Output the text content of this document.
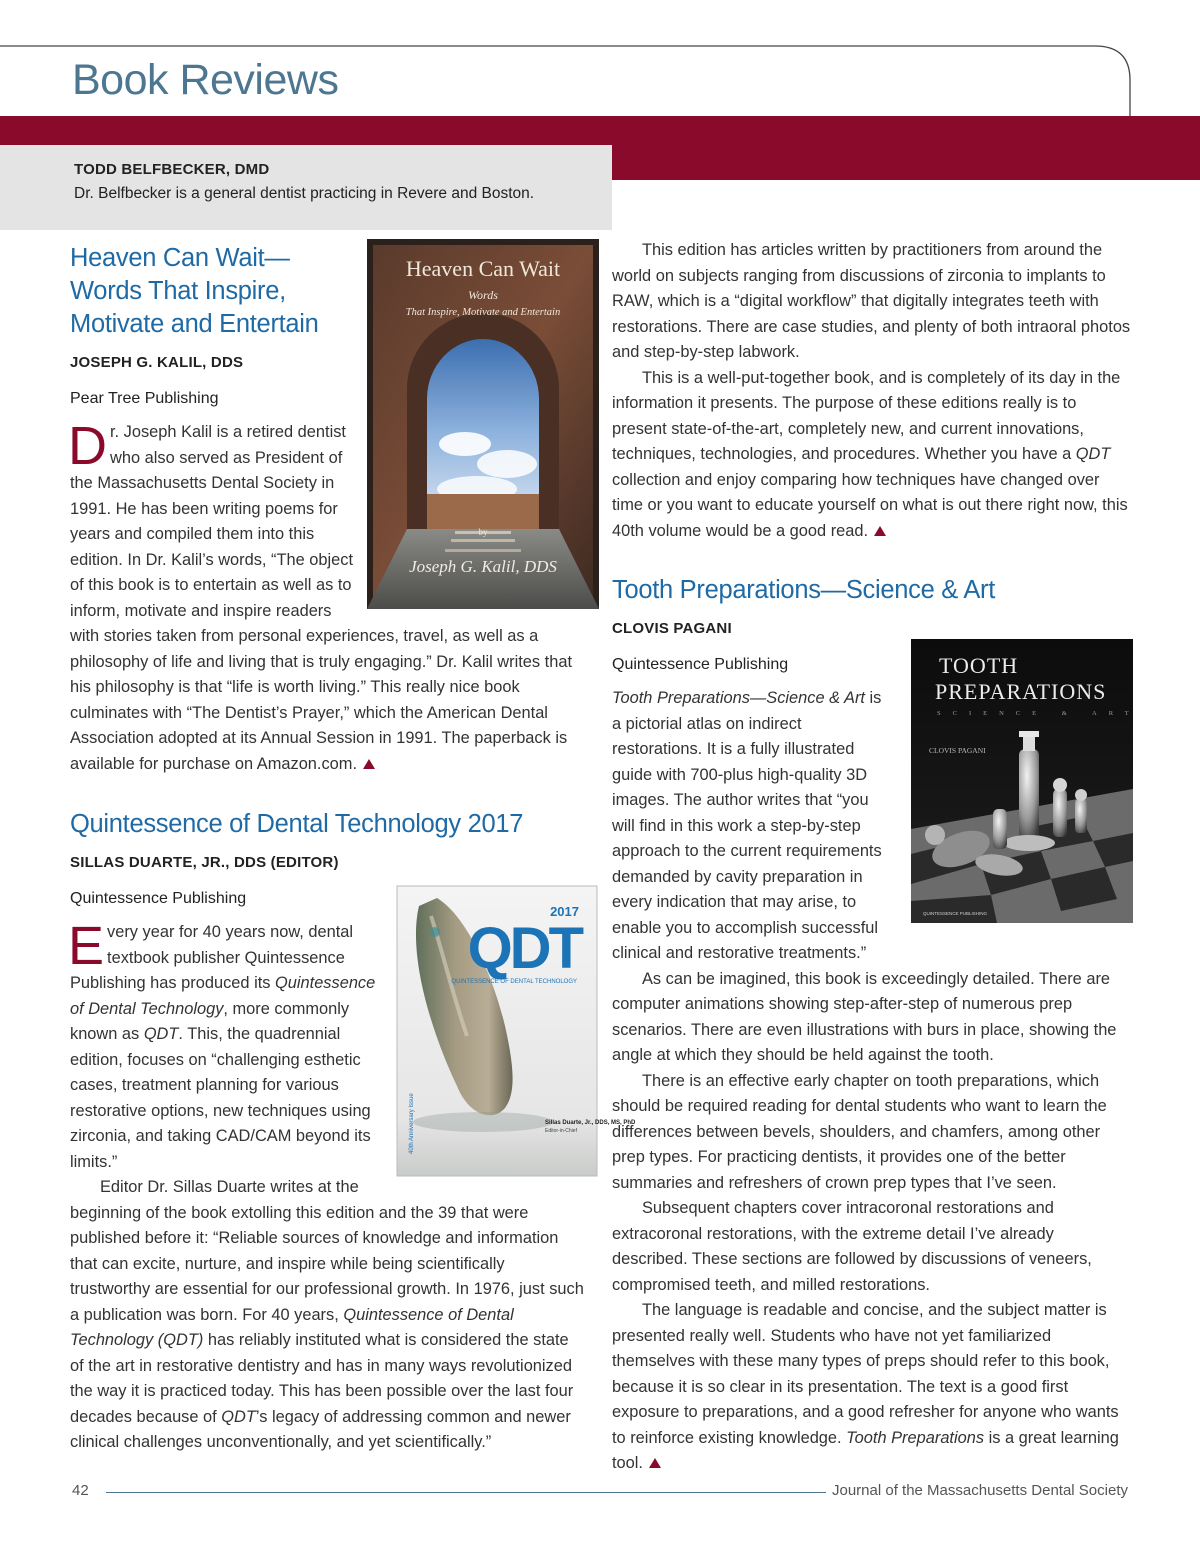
Book Reviews
TODD BELFBECKER, DMD
Dr. Belfbecker is a general dentist practicing in Revere and Boston.
Heaven Can Wait
Words
That Inspire, Motivate and Entertain
by
Joseph G. Kalil, DDS
Heaven Can Wait—
Words That Inspire,
Motivate and Entertain
JOSEPH G. KALIL, DDS
Pear Tree Publishing

Dr. Joseph Kalil is a retired dentist who also served as President of the Massachusetts Dental Society in 1991. He has been writing poems for years and compiled them into this edition. In Dr. Kalil’s words, “The object of this book is to entertain as well as to inform, motivate and inspire readers with stories taken from personal experiences, travel, as well as a philosophy of life and living that is truly engaging.” Dr. Kalil writes that his philosophy is that “life is worth living.” This really nice book culminates with “The Dentist’s Prayer,” which the American Dental Association adopted at its Annual Session in 1991. The paperback is available for purchase on Amazon.com.

Quintessence of Dental Technology 2017
SILLAS DUARTE, JR., DDS (EDITOR)
Quintessence Publishing
2017
QDT
QUINTESSENCE OF DENTAL TECHNOLOGY
40th Anniversary Issue	Sillas Duarte, Jr., DDS, MS, PhD
Editor-in-Chief

Every year for 40 years now, dental textbook publisher Quintessence Publishing has produced its Quintessence of Dental Technology, more commonly known as QDT. This, the quadrennial edition, focuses on “challenging esthetic cases, treatment planning for various restorative options, new techniques using zirconia, and taking CAD/CAM beyond its limits.”

Editor Dr. Sillas Duarte writes at the beginning of the book extolling this edition and the 39 that were published before it: “Reliable sources of knowledge and information that can excite, nurture, and inspire while being scientifically trustworthy are essential for our professional growth. In 1976, just such a publication was born. For 40 years, Quintessence of Dental Technology (QDT) has reliably instituted what is considered the state of the art in restorative dentistry and has in many ways revolutionized the way it is practiced today. This has been possible over the last four decades because of QDT’s legacy of addressing common and newer clinical challenges unconventionally, and yet scientifically.”

This edition has articles written by practitioners from around the world on subjects ranging from discussions of zirconia to implants to RAW, which is a “digital workflow” that digitally integrates teeth with restorations. There are case studies, and plenty of both intraoral photos and step-by-step labwork.

This is a well-put-together book, and is completely of its day in the information it presents. The purpose of these editions really is to present state-of-the-art, completely new, and current innovations, techniques, technologies, and procedures. Whether you have a QDT collection and enjoy comparing how techniques have changed over time or you want to educate yourself on what is out there right now, this 40th volume would be a good read.

Tooth Preparations—Science & Art
CLOVIS PAGANI
Quintessence Publishing	TOOTH
PREPARATIONS
SCIENCE & ART
CLOVIS PAGANI
QUINTESSENCE PUBLISHING

Tooth Preparations—Science & Art is a pictorial atlas on indirect restorations. It is a fully illustrated guide with 700-plus high-quality 3D images. The author writes that “you will find in this work a step-by-step approach to the current requirements demanded by cavity preparation in every indication that may arise, to enable you to accomplish successful clinical and restorative treatments.”

As can be imagined, this book is exceedingly detailed. There are computer animations showing step-after-step of numerous prep scenarios. There are even illustrations with burs in place, showing the angle at which they should be held against the tooth.

There is an effective early chapter on tooth preparations, which should be required reading for dental students who want to learn the differences between bevels, shoulders, and chamfers, among other prep types. For practicing dentists, it provides one of the better summaries and refreshers of crown prep types that I’ve seen.

Subsequent chapters cover intracoronal restorations and extracoronal restorations, with the extreme detail I’ve already described. These sections are followed by discussions of veneers, compromised teeth, and milled restorations.

The language is readable and concise, and the subject matter is presented really well. Students who have not yet familiarized themselves with these many types of preps should refer to this book, because it is so clear in its presentation. The text is a good first exposure to preparations, and a good refresher for anyone who wants to reinforce existing knowledge. Tooth Preparations is a great learning tool.

42	Journal of the Massachusetts Dental Society
